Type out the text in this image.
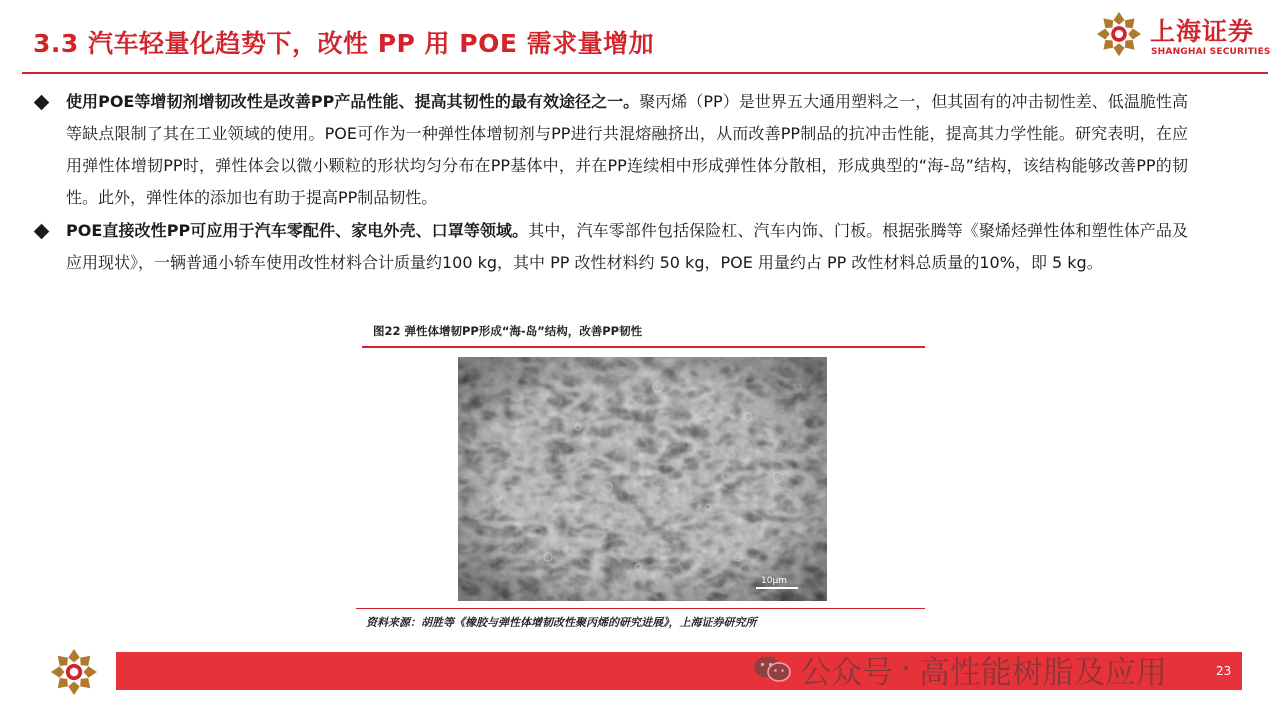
3.3 汽车轻量化趋势下，改性 PP 用 POE 需求量增加	上海证券
SHANGHAI SECURITIES

使用POE等增韧剂增韧改性是改善PP产品性能、提高其韧性的最有效途径之一。聚丙烯（PP）是世界五大通用塑料之一，但其固有的冲击韧性差、低温脆性高等缺点限制了其在工业领域的使用。POE可作为一种弹性体增韧剂与PP进行共混熔融挤出，从而改善PP制品的抗冲击性能，提高其力学性能。研究表明，在应用弹性体增韧PP时，弹性体会以微小颗粒的形状均匀分布在PP基体中，并在PP连续相中形成弹性体分散相，形成典型的“海-岛”结构，该结构能够改善PP的韧性。此外，弹性体的添加也有助于提高PP制品韧性。

POE直接改性PP可应用于汽车零配件、家电外壳、口罩等领域。其中，汽车零部件包括保险杠、汽车内饰、门板。根据张腾等《聚烯烃弹性体和塑性体产品及应用现状》，一辆普通小轿车使用改性材料合计质量约100 kg，其中 PP 改性材料约 50 kg，POE 用量约占 PP 改性材料总质量的10%，即 5 kg。

图22 弹性体增韧PP形成“海-岛”结构，改善PP韧性
10μm
资料来源：胡胜等《橡胶与弹性体增韧改性聚丙烯的研究进展》，上海证券研究所
公众号 · 高性能树脂及应用	23
